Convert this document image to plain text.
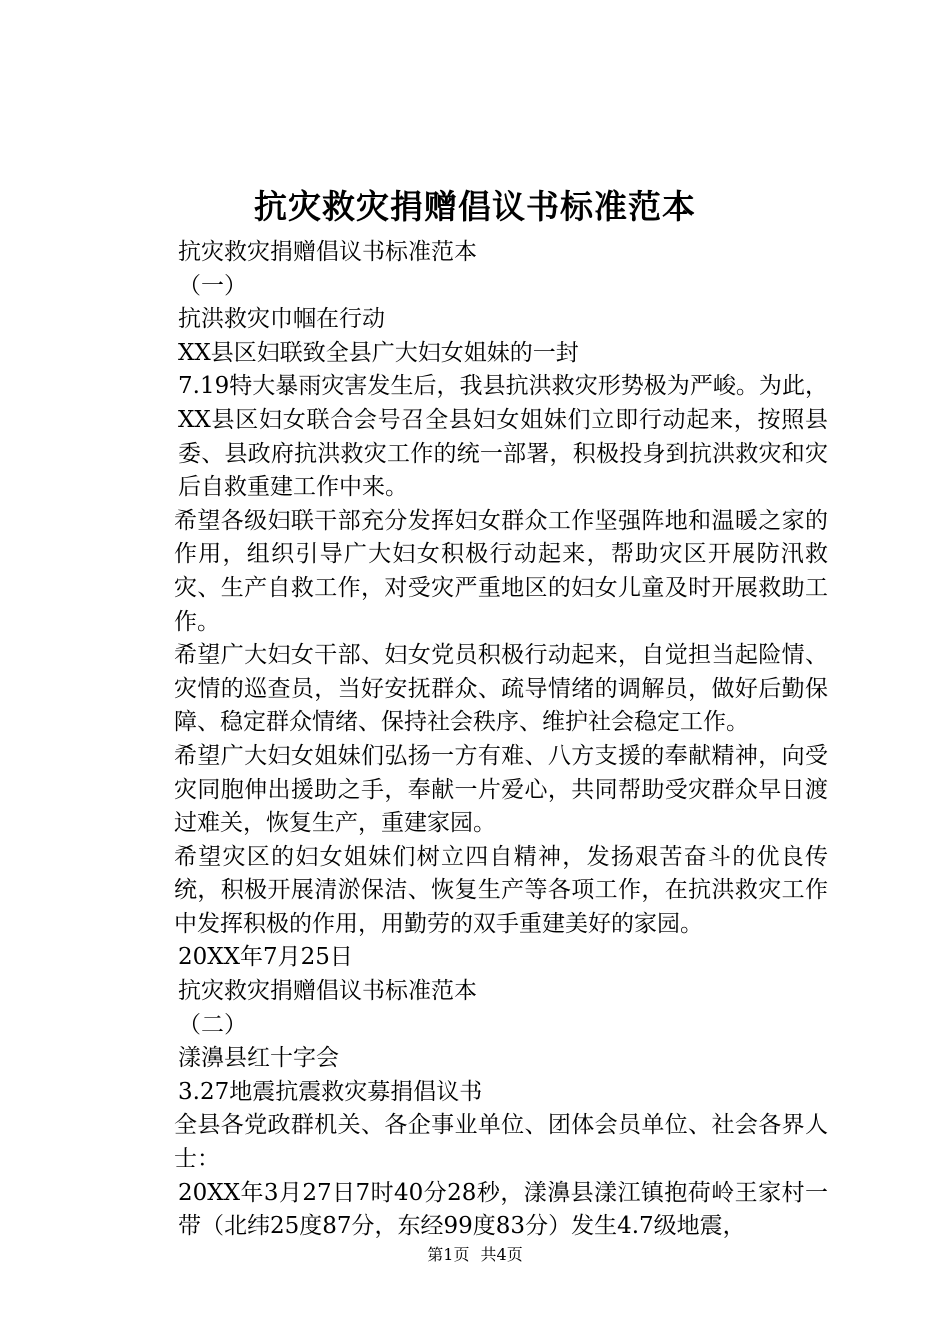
抗灾救灾捐赠倡议书标准范本

抗灾救灾捐赠倡议书标准范本

（一）

抗洪救灾巾帼在行动

XX县区妇联致全县广大妇女姐妹的一封

7.19特大暴雨灾害发生后，我县抗洪救灾形势极为严峻。为此，XX县区妇女联合会号召全县妇女姐妹们立即行动起来，按照县委、县政府抗洪救灾工作的统一部署，积极投身到抗洪救灾和灾后自救重建工作中来。

希望各级妇联干部充分发挥妇女群众工作坚强阵地和温暖之家的作用，组织引导广大妇女积极行动起来，帮助灾区开展防汛救灾、生产自救工作，对受灾严重地区的妇女儿童及时开展救助工作。

希望广大妇女干部、妇女党员积极行动起来，自觉担当起险情、灾情的巡查员，当好安抚群众、疏导情绪的调解员，做好后勤保障、稳定群众情绪、保持社会秩序、维护社会稳定工作。

希望广大妇女姐妹们弘扬一方有难、八方支援的奉献精神，向受灾同胞伸出援助之手，奉献一片爱心，共同帮助受灾群众早日渡过难关，恢复生产，重建家园。

希望灾区的妇女姐妹们树立四自精神，发扬艰苦奋斗的优良传统，积极开展清淤保洁、恢复生产等各项工作，在抗洪救灾工作中发挥积极的作用，用勤劳的双手重建美好的家园。

20XX年7月25日

抗灾救灾捐赠倡议书标准范本

（二）

漾濞县红十字会

3.27地震抗震救灾募捐倡议书

全县各党政群机关、各企事业单位、团体会员单位、社会各界人士：

20XX年3月27日7时40分28秒，漾濞县漾江镇抱荷岭王家村一带（北纬25度87分，东经99度83分）发生4.7级地震，

第1页 共4页
